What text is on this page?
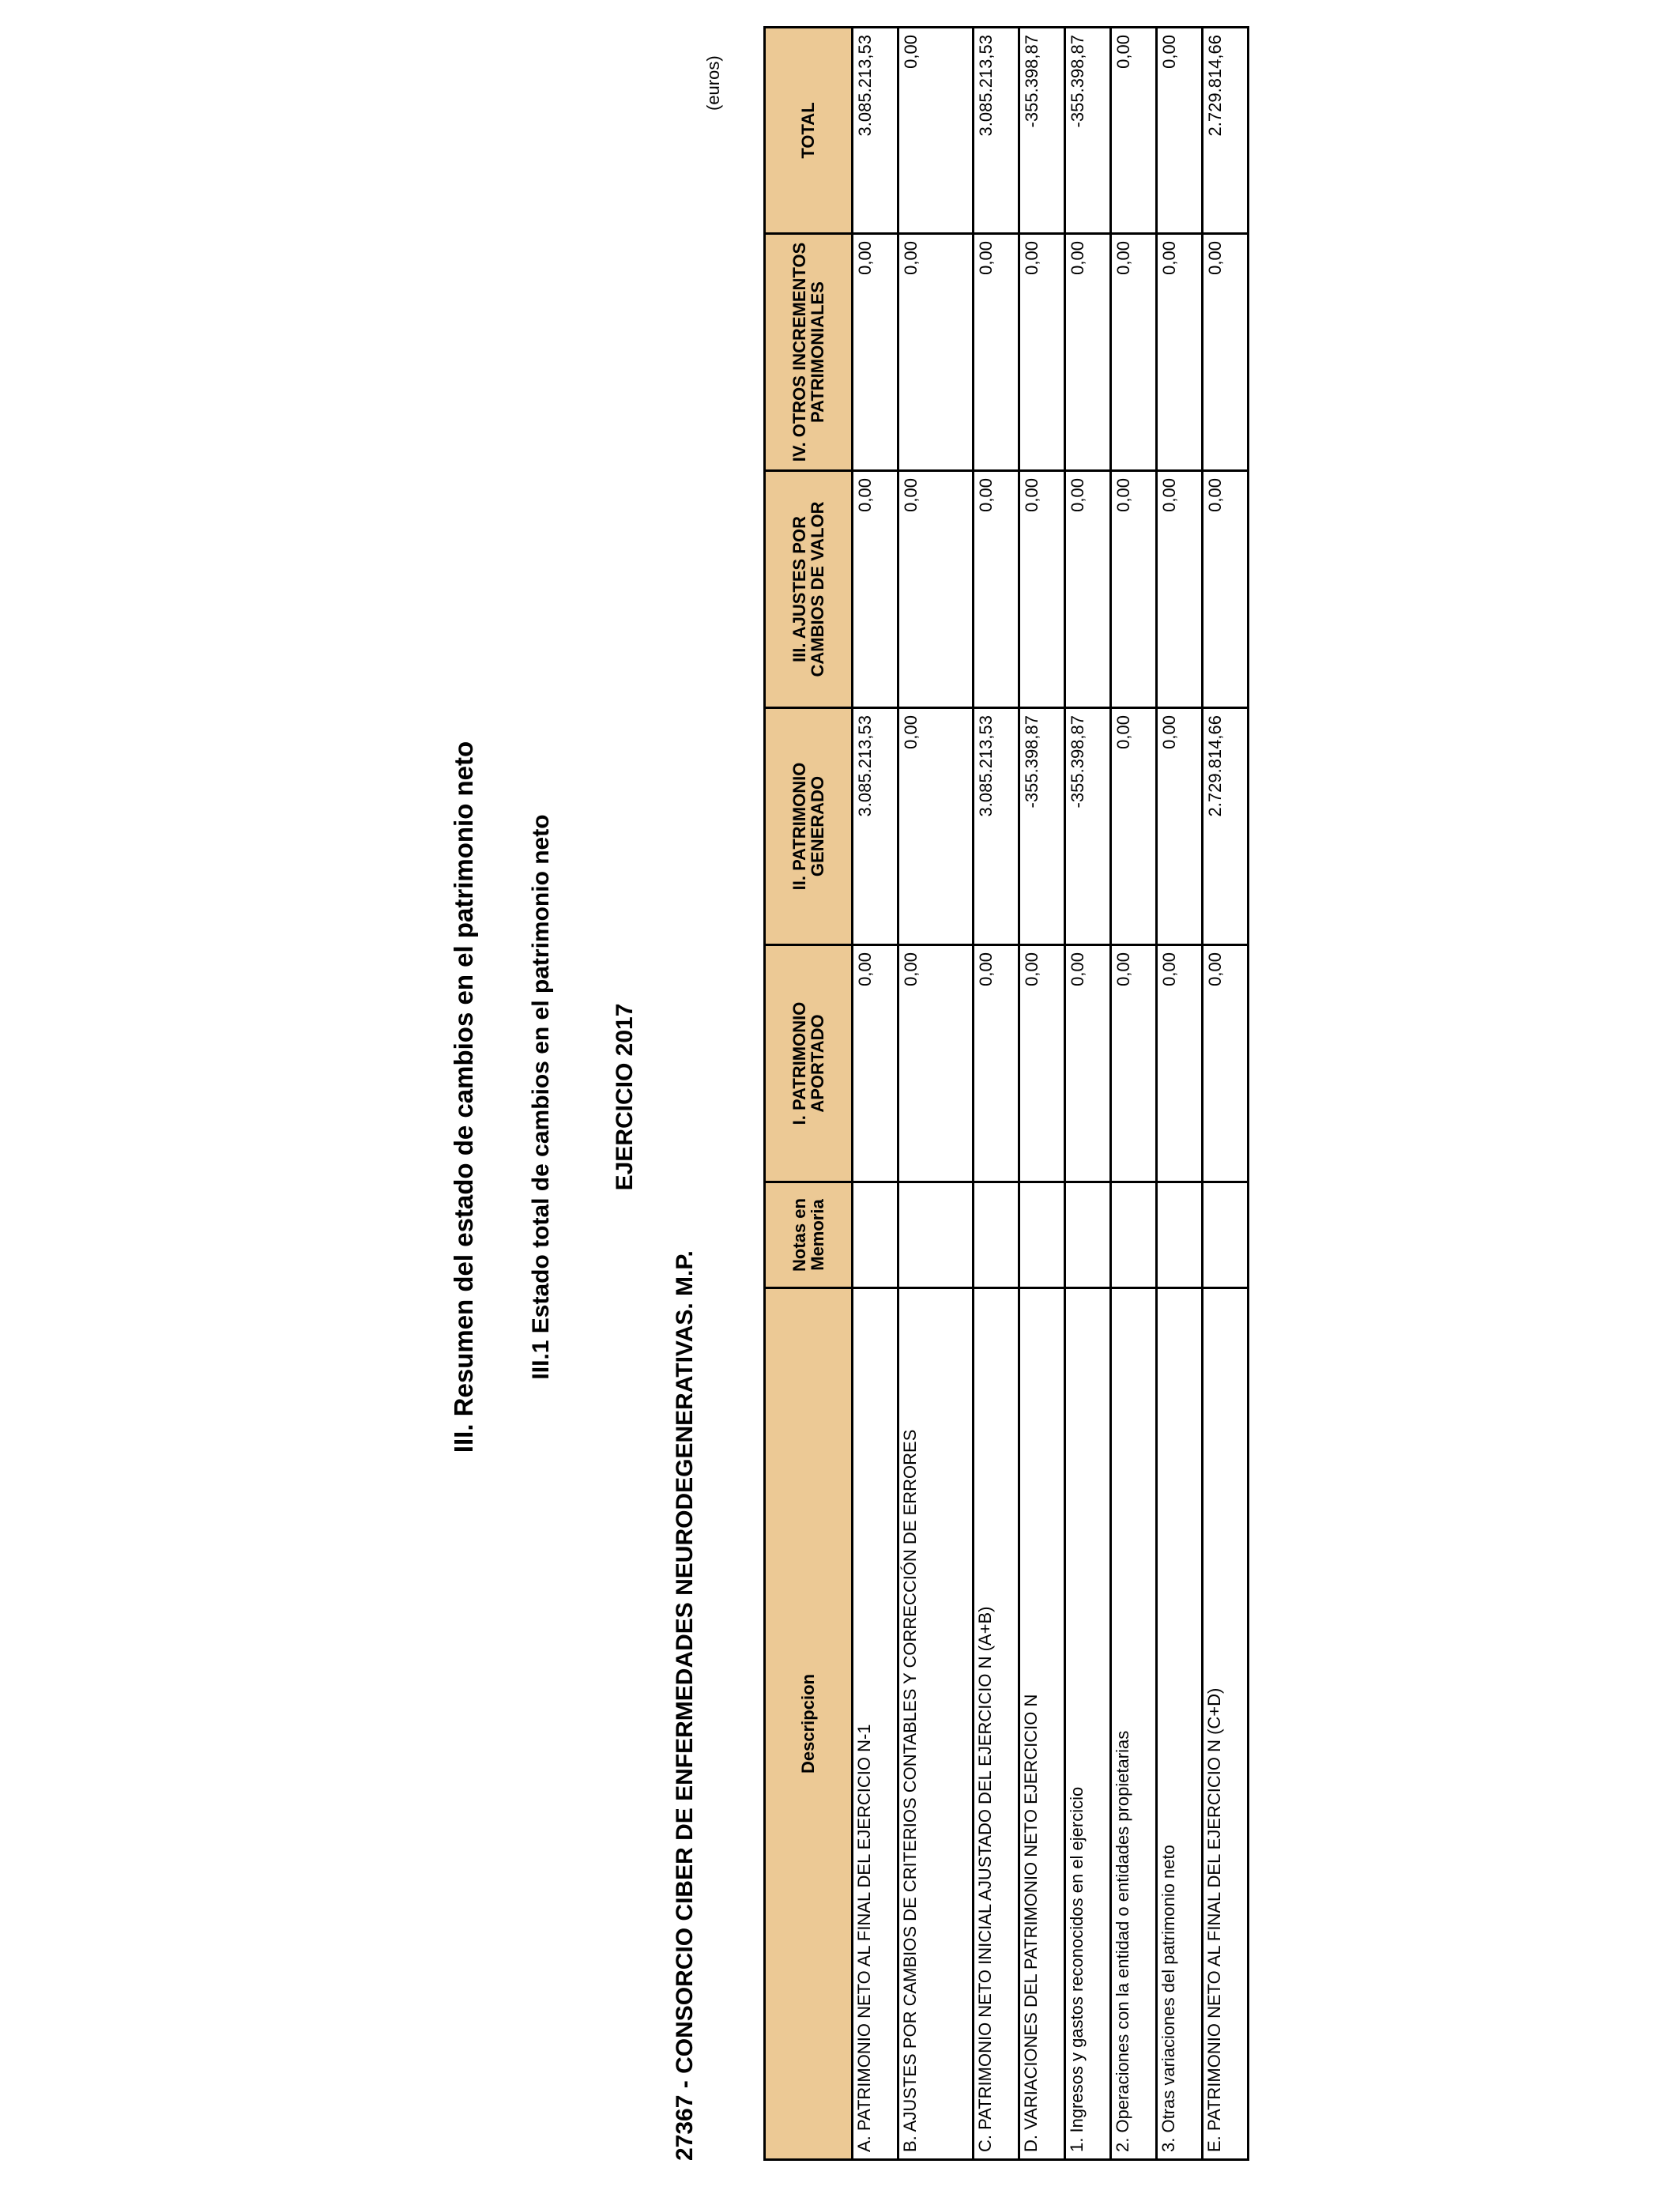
III. Resumen del estado de cambios en el patrimonio neto III.1 Estado total de cambios en el patrimonio neto EJERCICIO 2017
27367 - CONSORCIO CIBER DE ENFERMEDADES NEURODEGENERATIVAS. M.P.
(euros)
Descripcion	Notas en Memoria	I. PATRIMONIO APORTADO	II. PATRIMONIO GENERADO	III. AJUSTES POR CAMBIOS DE VALOR	IV. OTROS INCREMENTOS PATRIMONIALES	TOTAL
A. PATRIMONIO NETO AL FINAL DEL EJERCICIO N-1		0,00	3.085.213,53	0,00	0,00	3.085.213,53
B. AJUSTES POR CAMBIOS DE CRITERIOS CONTABLES Y CORRECCIÓN DE ERRORES		0,00	0,00	0,00	0,00	0,00
C. PATRIMONIO NETO INICIAL AJUSTADO DEL EJERCICIO N (A+B)		0,00	3.085.213,53	0,00	0,00	3.085.213,53
D. VARIACIONES DEL PATRIMONIO NETO EJERCICIO N		0,00	-355.398,87	0,00	0,00	-355.398,87
1. Ingresos y gastos reconocidos en el ejercicio		0,00	-355.398,87	0,00	0,00	-355.398,87
2. Operaciones con la entidad o entidades propietarias		0,00	0,00	0,00	0,00	0,00
3. Otras variaciones del patrimonio neto		0,00	0,00	0,00	0,00	0,00
E. PATRIMONIO NETO AL FINAL DEL EJERCICIO N (C+D)		0,00	2.729.814,66	0,00	0,00	2.729.814,66
